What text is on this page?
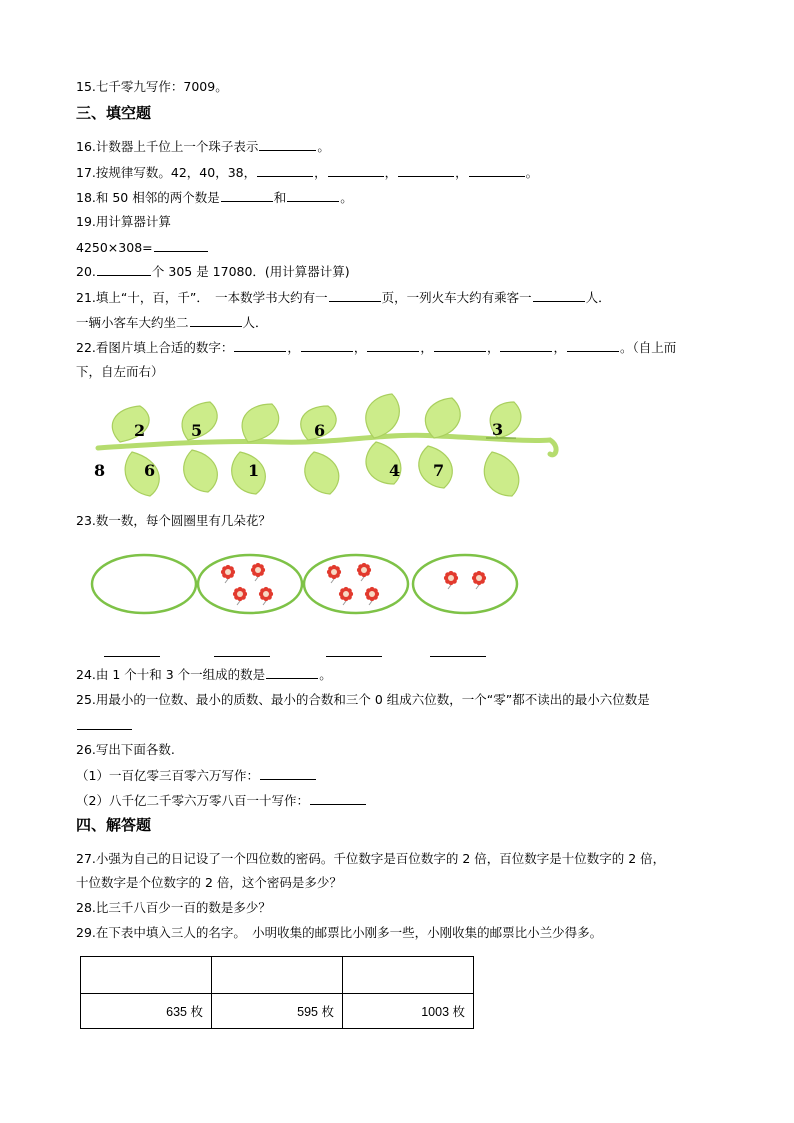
15.七千零九写作：7009。
三、填空题
16.计数器上千位上一个珠子表示	。
17.按规律写数。42，40，38，	，	，	，	。
18.和 50 相邻的两个数是	和	。
19.用计算器计算
4250×308=
20.	个 305 是 17080．(用计算器计算)
21.填上“十，百，千”．　一本数学书大约有一	页，一列火车大约有乘客一	人．
一辆小客车大约坐二	人．
22.看图片填上合适的数字：	，	，	，	，	，	。（自上而
下，自左而右）
2	5	6	3
8 6	1	4 7
23.数一数，每个圆圈里有几朵花？
24.由 1 个十和 3 个一组成的数是	。
25.用最小的一位数、最小的质数、最小的合数和三个 0 组成六位数，一个“零”都不读出的最小六位数是
26.写出下面各数.
（1）一百亿零三百零六万写作：
（2）八千亿二千零六万零八百一十写作：
四、解答题
27.小强为自己的日记设了一个四位数的密码。千位数字是百位数字的 2 倍，百位数字是十位数字的 2 倍，
十位数字是个位数字的 2 倍，这个密码是多少？
28.比三千八百少一百的数是多少？
29.在下表中填入三人的名字。　小明收集的邮票比小刚多一些，小刚收集的邮票比小兰少得多。

635 枚	595 枚	1003 枚
